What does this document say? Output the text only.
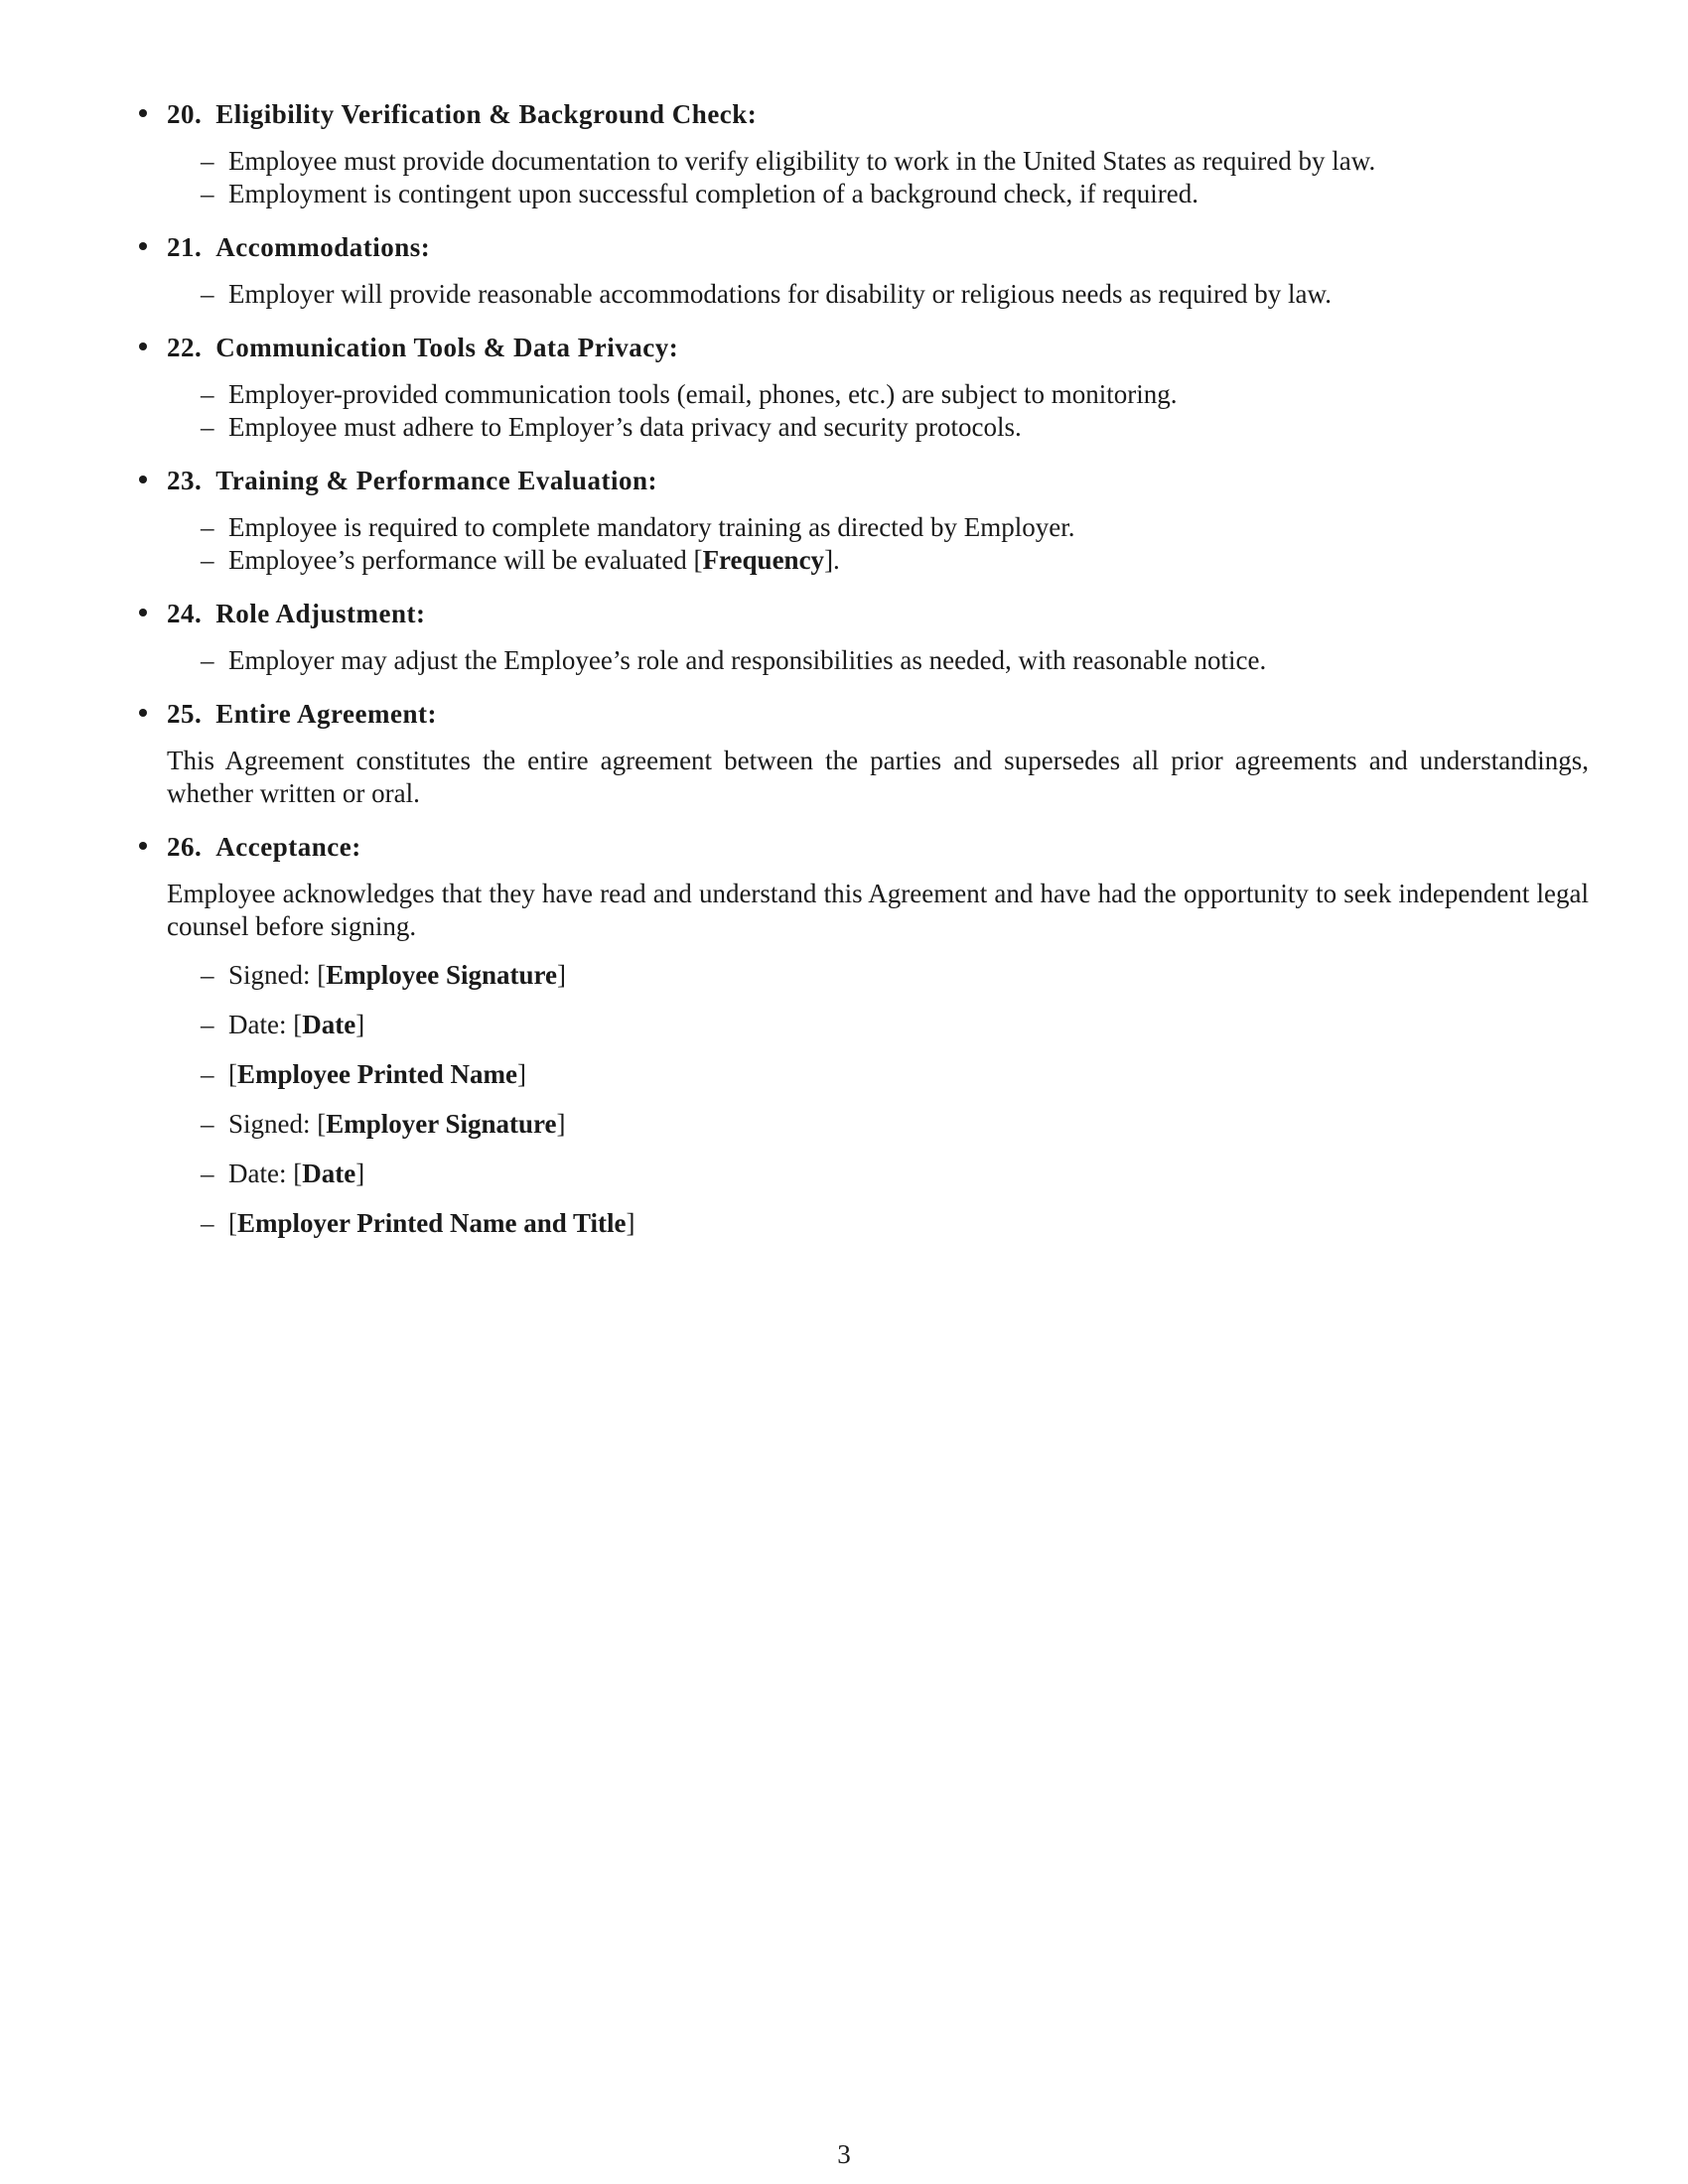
20. Eligibility Verification & Background Check:
– Employee must provide documentation to verify eligibility to work in the United States as required by law.
– Employment is contingent upon successful completion of a background check, if required.
21. Accommodations:
– Employer will provide reasonable accommodations for disability or religious needs as required by law.
22. Communication Tools & Data Privacy:
– Employer-provided communication tools (email, phones, etc.) are subject to monitoring.
– Employee must adhere to Employer’s data privacy and security protocols.
23. Training & Performance Evaluation:
– Employee is required to complete mandatory training as directed by Employer.
– Employee’s performance will be evaluated [Frequency].
24. Role Adjustment:
– Employer may adjust the Employee’s role and responsibilities as needed, with reasonable notice.
25. Entire Agreement:

This Agreement constitutes the entire agreement between the parties and supersedes all prior agreements and understandings, whether written or oral.

26. Acceptance:

Employee acknowledges that they have read and understand this Agreement and have had the opportunity to seek independent legal counsel before signing.

– Signed: [Employee Signature]
– Date: [Date]
– [Employee Printed Name]
– Signed: [Employer Signature]
– Date: [Date]
– [Employer Printed Name and Title]
3
